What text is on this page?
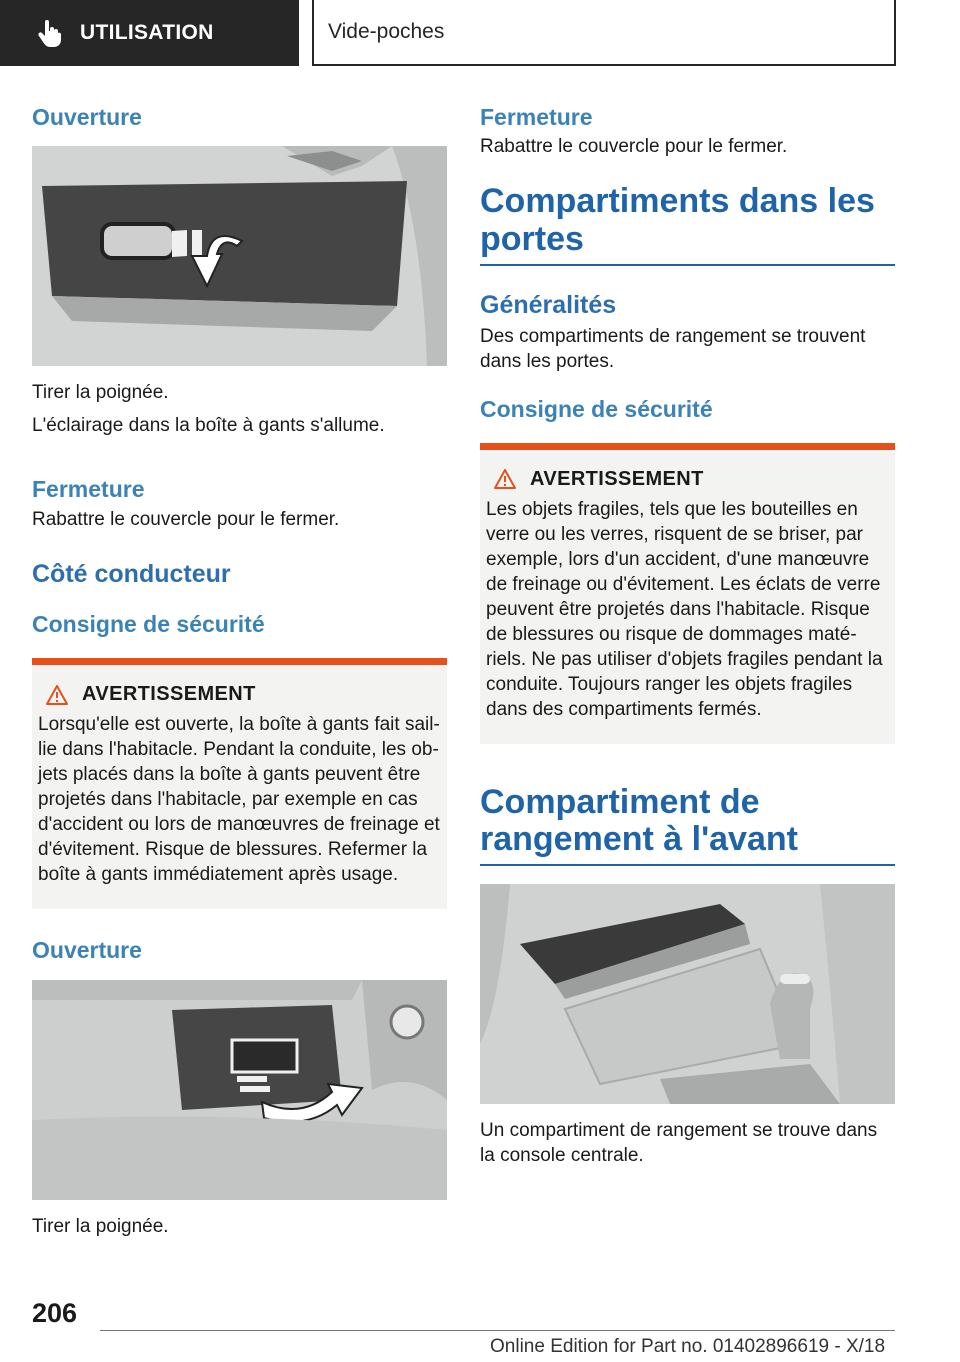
UTILISATION	Vide-poches
Ouverture
Tirer la poignée.
L'éclairage dans la boîte à gants s'allume.
Fermeture
Rabattre le couvercle pour le fermer.
Côté conducteur
Consigne de sécurité
AVERTISSEMENT
Lorsqu'elle est ouverte, la boîte à gants fait sail-lie dans l'habitacle. Pendant la conduite, les ob-jets placés dans la boîte à gants peuvent être projetés dans l'habitacle, par exemple en cas d'accident ou lors de manœuvres de freinage et d'évitement. Risque de blessures. Refermer la boîte à gants immédiatement après usage.
Ouverture
Tirer la poignée.
Fermeture
Rabattre le couvercle pour le fermer.
Compartiments dans les portes
Généralités
Des compartiments de rangement se trouvent dans les portes.
Consigne de sécurité
AVERTISSEMENT
Les objets fragiles, tels que les bouteilles en verre ou les verres, risquent de se briser, par exemple, lors d'un accident, d'une manœuvre de freinage ou d'évitement. Les éclats de verre peuvent être projetés dans l'habitacle. Risque de blessures ou risque de dommages maté-riels. Ne pas utiliser d'objets fragiles pendant la conduite. Toujours ranger les objets fragiles dans des compartiments fermés.
Compartiment de rangement à l'avant
Un compartiment de rangement se trouve dans la console centrale.
206
Online Edition for Part no. 01402896619 - X/18
